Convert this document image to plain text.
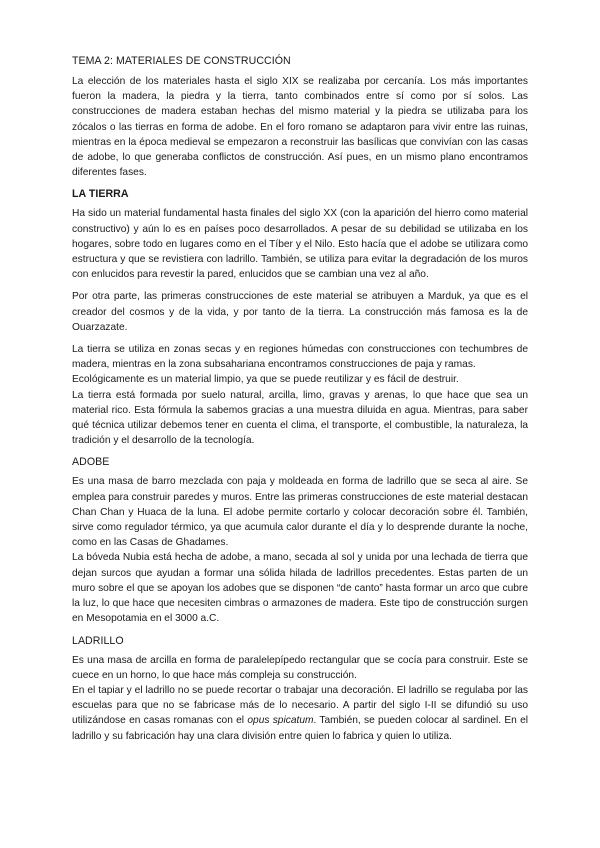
TEMA 2: MATERIALES DE CONSTRUCCIÓN

La elección de los materiales hasta el siglo XIX se realizaba por cercanía. Los más importantes fueron la madera, la piedra y la tierra, tanto combinados entre sí como por sí solos. Las construcciones de madera estaban hechas del mismo material y la piedra se utilizaba para los zócalos o las tierras en forma de adobe. En el foro romano se adaptaron para vivir entre las ruinas, mientras en la época medieval se empezaron a reconstruir las basílicas que convivían con las casas de adobe, lo que generaba conflictos de construcción. Así pues, en un mismo plano encontramos diferentes fases.

LA TIERRA

Ha sido un material fundamental hasta finales del siglo XX (con la aparición del hierro como material constructivo) y aún lo es en países poco desarrollados. A pesar de su debilidad se utilizaba en los hogares, sobre todo en lugares como en el Tíber y el Nilo. Esto hacía que el adobe se utilizara como estructura y que se revistiera con ladrillo. También, se utiliza para evitar la degradación de los muros con enlucidos para revestir la pared, enlucidos que se cambian una vez al año.

Por otra parte, las primeras construcciones de este material se atribuyen a Marduk, ya que es el creador del cosmos y de la vida, y por tanto de la tierra. La construcción más famosa es la de Ouarzazate.

La tierra se utiliza en zonas secas y en regiones húmedas con construcciones con techumbres de madera, mientras en la zona subsahariana encontramos construcciones de paja y ramas.

Ecológicamente es un material limpio, ya que se puede reutilizar y es fácil de destruir.

La tierra está formada por suelo natural, arcilla, limo, gravas y arenas, lo que hace que sea un material rico. Esta fórmula la sabemos gracias a una muestra diluida en agua. Mientras, para saber qué técnica utilizar debemos tener en cuenta el clima, el transporte, el combustible, la naturaleza, la tradición y el desarrollo de la tecnología.

ADOBE

Es una masa de barro mezclada con paja y moldeada en forma de ladrillo que se seca al aire. Se emplea para construir paredes y muros. Entre las primeras construcciones de este material destacan Chan Chan y Huaca de la luna. El adobe permite cortarlo y colocar decoración sobre él. También, sirve como regulador térmico, ya que acumula calor durante el día y lo desprende durante la noche, como en las Casas de Ghadames.

La bóveda Nubia está hecha de adobe, a mano, secada al sol y unida por una lechada de tierra que dejan surcos que ayudan a formar una sólida hilada de ladrillos precedentes. Estas parten de un muro sobre el que se apoyan los adobes que se disponen “de canto” hasta formar un arco que cubre la luz, lo que hace que necesiten cimbras o armazones de madera. Este tipo de construcción surgen en Mesopotamia en el 3000 a.C.

LADRILLO

Es una masa de arcilla en forma de paralelepípedo rectangular que se cocía para construir. Este se cuece en un horno, lo que hace más compleja su construcción.

En el tapiar y el ladrillo no se puede recortar o trabajar una decoración. El ladrillo se regulaba por las escuelas para que no se fabricase más de lo necesario. A partir del siglo I-II se difundió su uso utilizándose en casas romanas con el opus spicatum. También, se pueden colocar al sardinel. En el ladrillo y su fabricación hay una clara división entre quien lo fabrica y quien lo utiliza.
